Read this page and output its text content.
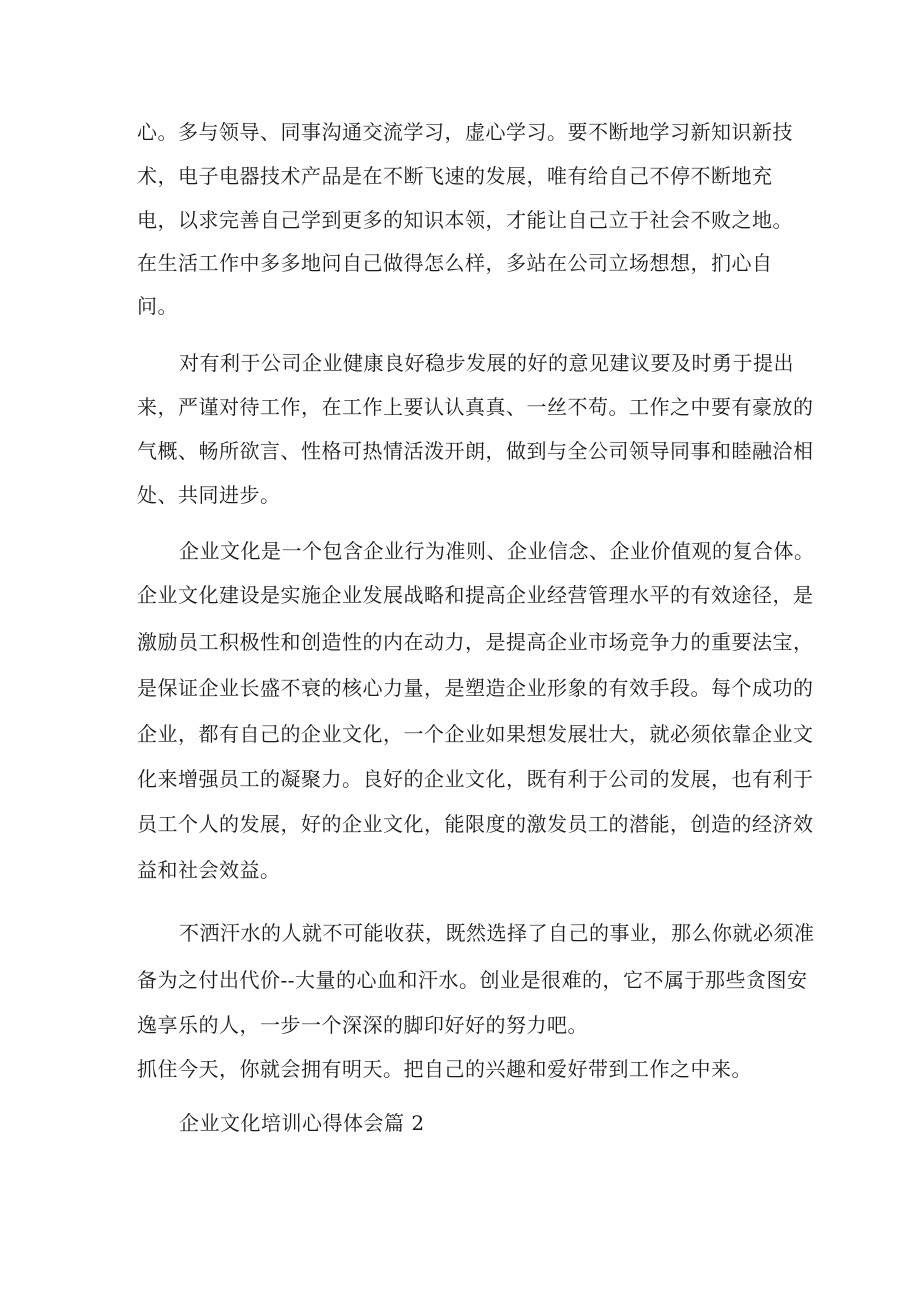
心。多与领导、同事沟通交流学习，虚心学习。要不断地学习新知识新技
术，电子电器技术产品是在不断飞速的发展，唯有给自己不停不断地充
电，以求完善自己学到更多的知识本领，才能让自己立于社会不败之地。
在生活工作中多多地问自己做得怎么样，多站在公司立场想想，扪心自
问。
对有利于公司企业健康良好稳步发展的好的意见建议要及时勇于提出
来，严谨对待工作，在工作上要认认真真、一丝不苟。工作之中要有豪放的
气概、畅所欲言、性格可热情活泼开朗，做到与全公司领导同事和睦融洽相
处、共同进步。
企业文化是一个包含企业行为准则、企业信念、企业价值观的复合体。
企业文化建设是实施企业发展战略和提高企业经营管理水平的有效途径，是
激励员工积极性和创造性的内在动力，是提高企业市场竞争力的重要法宝，
是保证企业长盛不衰的核心力量，是塑造企业形象的有效手段。每个成功的
企业，都有自己的企业文化，一个企业如果想发展壮大，就必须依靠企业文
化来增强员工的凝聚力。良好的企业文化，既有利于公司的发展，也有利于
员工个人的发展，好的企业文化，能限度的激发员工的潜能，创造的经济效
益和社会效益。
不洒汗水的人就不可能收获，既然选择了自己的事业，那么你就必须准
备为之付出代价--大量的心血和汗水。创业是很难的，它不属于那些贪图安
逸享乐的人，一步一个深深的脚印好好的努力吧。
抓住今天，你就会拥有明天。把自己的兴趣和爱好带到工作之中来。
企业文化培训心得体会篇 2
